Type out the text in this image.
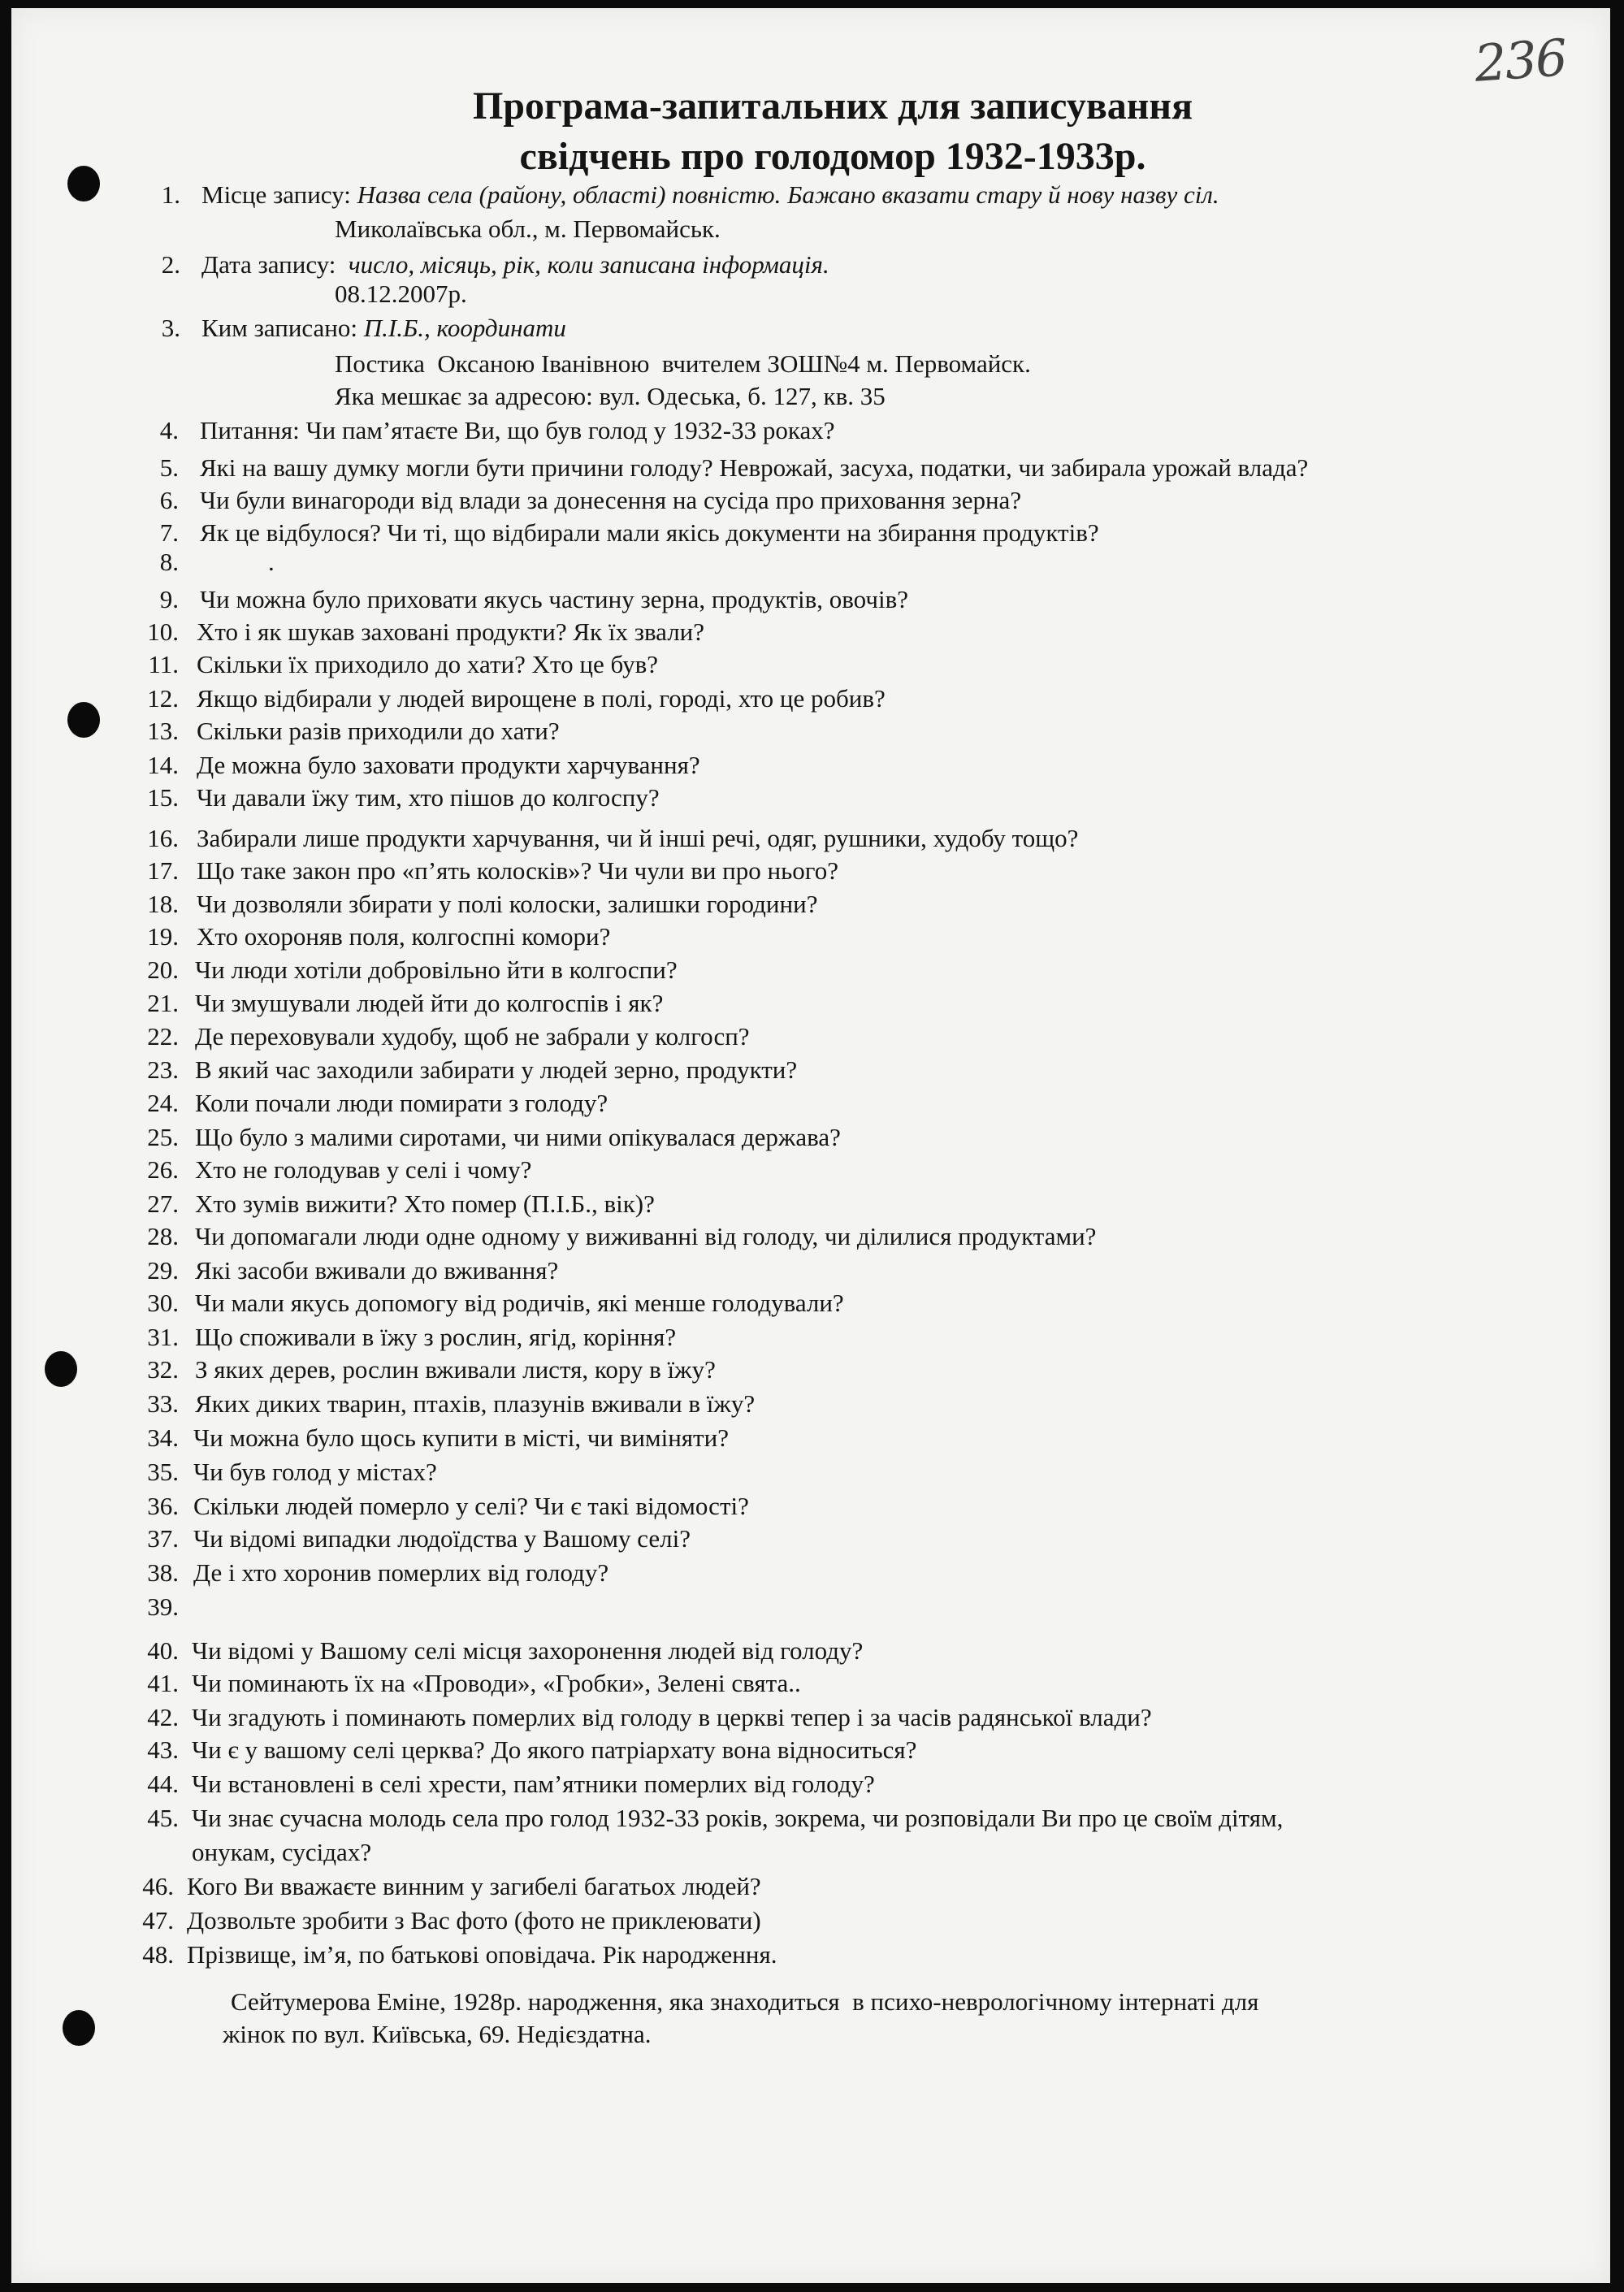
236
Програма-запитальних для записування
свідчень про голодомор 1932-1933р.
1. Місце запису: Назва села (району, області) повністю. Бажано вказати стару й нову назву сіл.
Миколаївська обл., м. Первомайськ.
2. Дата запису: число, місяць, рік, коли записана інформація.
08.12.2007р.
3. Ким записано: П.І.Б., координати
Постика  Оксаною Іванівною  вчителем ЗОШ№4 м. Первомайск.
Яка мешкає за адресою: вул. Одеська, б. 127, кв. 35
4. Питання: Чи пам’ятаєте Ви, що був голод у 1932-33 роках?
5. Які на вашу думку могли бути причини голоду? Неврожай, засуха, податки, чи забирала урожай влада?
6. Чи були винагороди від влади за донесення на сусіда про приховання зерна?
7. Як це відбулося? Чи ті, що відбирали мали якісь документи на збирання продуктів?
8.	.
9. Чи можна було приховати якусь частину зерна, продуктів, овочів?
10. Хто і як шукав заховані продукти? Як їх звали?
11. Скільки їх приходило до хати? Хто це був?
12. Якщо відбирали у людей вирощене в полі, городі, хто це робив?
13. Скільки разів приходили до хати?
14. Де можна було заховати продукти харчування?
15. Чи давали їжу тим, хто пішов до колгоспу?
16. Забирали лише продукти харчування, чи й інші речі, одяг, рушники, худобу тощо?
17. Що таке закон про «п’ять колосків»? Чи чули ви про нього?
18. Чи дозволяли збирати у полі колоски, залишки городини?
19. Хто охороняв поля, колгоспні комори?
20. Чи люди хотіли добровільно йти в колгоспи?
21. Чи змушували людей йти до колгоспів і як?
22. Де переховували худобу, щоб не забрали у колгосп?
23. В який час заходили забирати у людей зерно, продукти?
24. Коли почали люди помирати з голоду?
25. Що було з малими сиротами, чи ними опікувалася держава?
26. Хто не голодував у селі і чому?
27. Хто зумів вижити? Хто помер (П.І.Б., вік)?
28. Чи допомагали люди одне одному у виживанні від голоду, чи ділилися продуктами?
29. Які засоби вживали до вживання?
30. Чи мали якусь допомогу від родичів, які менше голодували?
31. Що споживали в їжу з рослин, ягід, коріння?
32. З яких дерев, рослин вживали листя, кору в їжу?
33. Яких диких тварин, птахів, плазунів вживали в їжу?
34. Чи можна було щось купити в місті, чи виміняти?
35. Чи був голод у містах?
36. Скільки людей померло у селі? Чи є такі відомості?
37. Чи відомі випадки людоїдства у Вашому селі?
38. Де і хто хоронив померлих від голоду?
39.
40. Чи відомі у Вашому селі місця захоронення людей від голоду?
41. Чи поминають їх на «Проводи», «Гробки», Зелені свята..
42. Чи згадують і поминають померлих від голоду в церкві тепер і за часів радянської влади?
43. Чи є у вашому селі церква? До якого патріархату вона відноситься?
44. Чи встановлені в селі хрести, пам’ятники померлих від голоду?
45. Чи знає сучасна молодь села про голод 1932-33 років, зокрема, чи розповідали Ви про це своїм дітям,
онукам, сусідах?
46. Кого Ви вважаєте винним у загибелі багатьох людей?
47. Дозвольте зробити з Вас фото (фото не приклеювати)
48. Прізвище, ім’я, по батькові оповідача. Рік народження.
Сейтумерова Еміне, 1928р. народження, яка знаходиться  в психо-неврологічному інтернаті для
жінок по вул. Київська, 69. Недієздатна.
